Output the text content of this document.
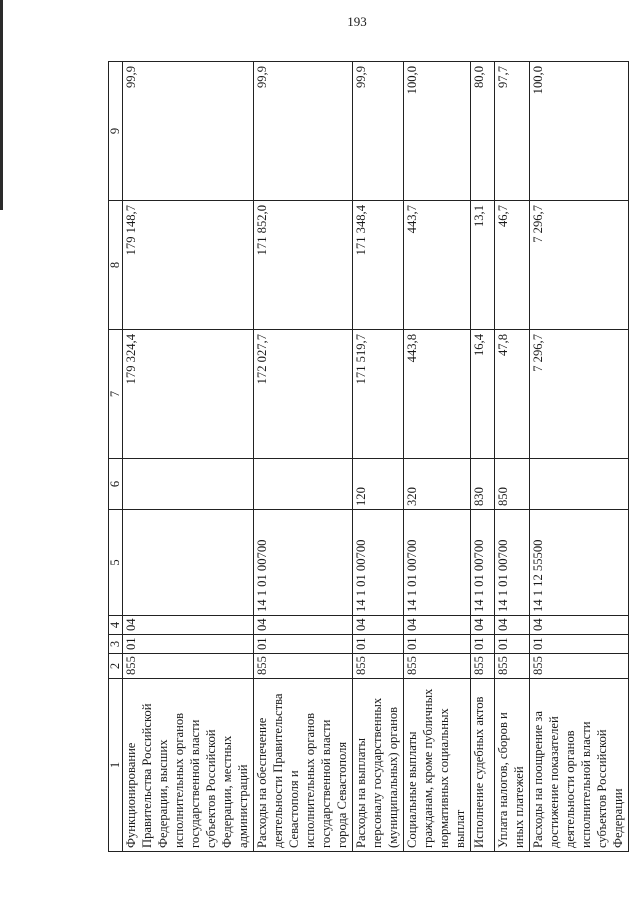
193
1	2	3	4	5	6	7	8	9
Функционирование Правительства Российской Федерации, высших исполнительных органов государственной власти субъектов Российской Федерации, местных администраций	855	01	04			179 324,4	179 148,7	99,9
Расходы на обеспечение деятельности Правительства Севастополя и исполнительных органов государственной власти города Севастополя	855	01	04	14 1 01 00700		172 027,7	171 852,0	99,9
Расходы на выплаты персоналу государственных (муниципальных) органов	855	01	04	14 1 01 00700	120	171 519,7	171 348,4	99,9
Социальные выплаты гражданам, кроме публичных нормативных социальных выплат	855	01	04	14 1 01 00700	320	443,8	443,7	100,0
Исполнение судебных актов	855	01	04	14 1 01 00700	830	16,4	13,1	80,0
Уплата налогов, сборов и иных платежей	855	01	04	14 1 01 00700	850	47,8	46,7	97,7
Расходы на поощрение за достижение показателей деятельности органов исполнительной власти субъектов Российской Федерации	855	01	04	14 1 12 55500		7 296,7	7 296,7	100,0
